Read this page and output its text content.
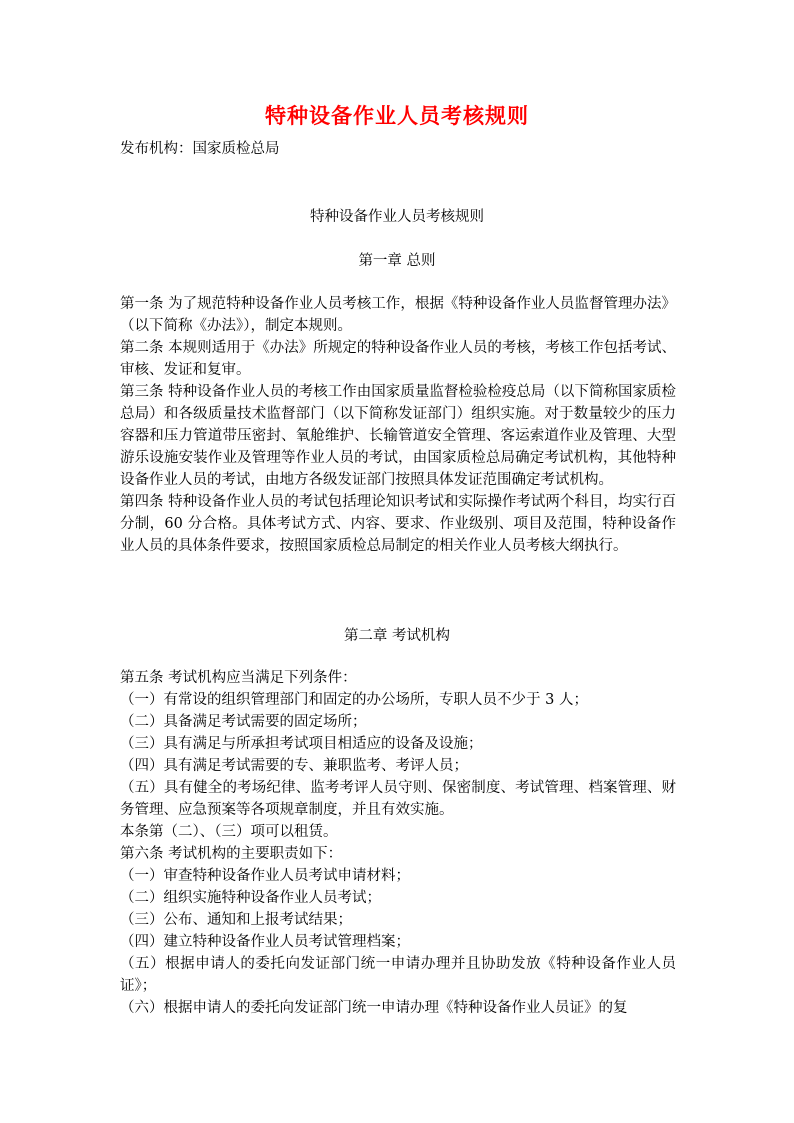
特种设备作业人员考核规则
发布机构：国家质检总局
特种设备作业人员考核规则
第一章 总则

第一条 为了规范特种设备作业人员考核工作，根据《特种设备作业人员监督管理办法》（以下简称《办法》），制定本规则。

第二条 本规则适用于《办法》所规定的特种设备作业人员的考核，考核工作包括考试、审核、发证和复审。

第三条 特种设备作业人员的考核工作由国家质量监督检验检疫总局（以下简称国家质检总局）和各级质量技术监督部门（以下简称发证部门）组织实施。对于数量较少的压力容器和压力管道带压密封、氧舱维护、长输管道安全管理、客运索道作业及管理、大型游乐设施安装作业及管理等作业人员的考试，由国家质检总局确定考试机构，其他特种设备作业人员的考试，由地方各级发证部门按照具体发证范围确定考试机构。

第四条 特种设备作业人员的考试包括理论知识考试和实际操作考试两个科目，均实行百分制，60 分合格。具体考试方式、内容、要求、作业级别、项目及范围，特种设备作业人员的具体条件要求，按照国家质检总局制定的相关作业人员考核大纲执行。

第二章 考试机构

第五条 考试机构应当满足下列条件：

（一）有常设的组织管理部门和固定的办公场所，专职人员不少于 3 人；

（二）具备满足考试需要的固定场所；

（三）具有满足与所承担考试项目相适应的设备及设施；

（四）具有满足考试需要的专、兼职监考、考评人员；

（五）具有健全的考场纪律、监考考评人员守则、保密制度、考试管理、档案管理、财务管理、应急预案等各项规章制度，并且有效实施。

本条第（二）、（三）项可以租赁。

第六条 考试机构的主要职责如下：

（一）审查特种设备作业人员考试申请材料；

（二）组织实施特种设备作业人员考试；

（三）公布、通知和上报考试结果；

（四）建立特种设备作业人员考试管理档案；

（五）根据申请人的委托向发证部门统一申请办理并且协助发放《特种设备作业人员证》；

（六）根据申请人的委托向发证部门统一申请办理《特种设备作业人员证》的复
